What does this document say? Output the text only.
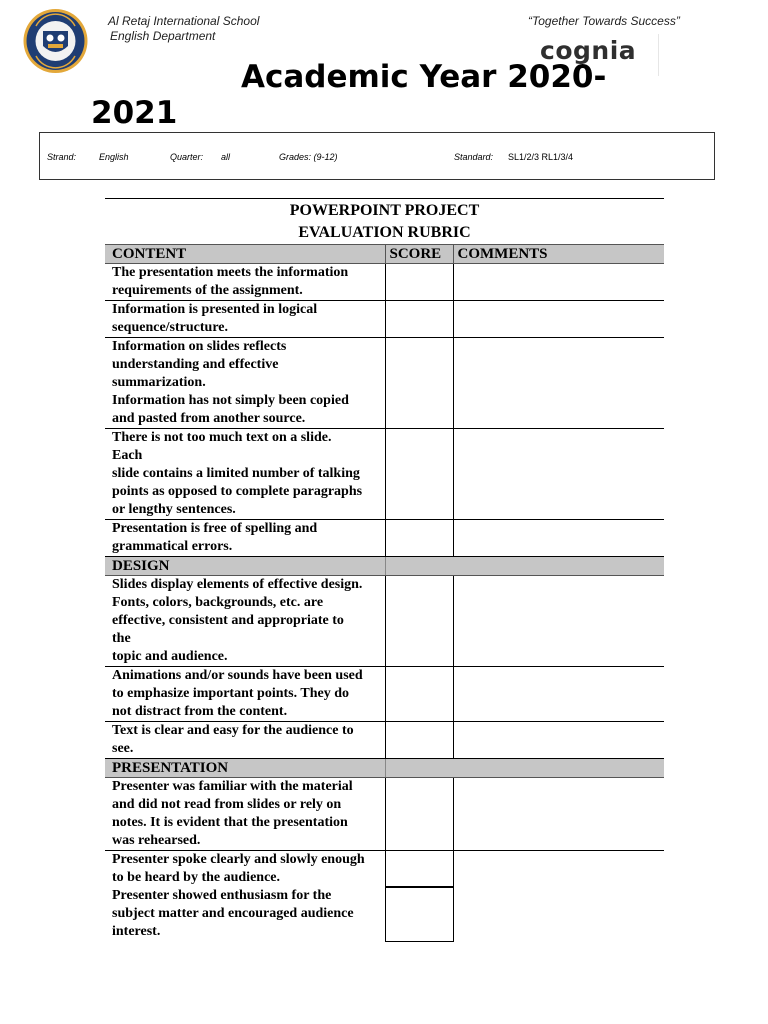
Al Retaj International School
English Department
“Together Towards Success”
cognia
Academic Year 2020-
2021
Strand:	English	Quarter: all	Grades: (9-12)	Standard: SL1/2/3 RL1/3/4
POWERPOINT PROJECT
EVALUATION RUBRIC
CONTENT	SCORE	COMMENTS

The presentation meets the information
requirements of the assignment.		

Information is presented in logical
sequence/structure.		

Information on slides reflects
understanding and effective
summarization.
Information has not simply been copied
and pasted from another source.		

There is not too much text on a slide.
Each
slide contains a limited number of talking
points as opposed to complete paragraphs
or lengthy sentences.		

Presentation is free of spelling and
grammatical errors.		

DESIGN		

Slides display elements of effective design.
Fonts, colors, backgrounds, etc. are
effective, consistent and appropriate to
the
topic and audience.		

Animations and/or sounds have been used
to emphasize important points. They do
not distract from the content.		

Text is clear and easy for the audience to
see.		

PRESENTATION		

Presenter was familiar with the material
and did not read from slides or rely on
notes. It is evident that the presentation
was rehearsed.		

Presenter spoke clearly and slowly enough
to be heard by the audience.		

Presenter showed enthusiasm for the
subject matter and encouraged audience
interest.		
